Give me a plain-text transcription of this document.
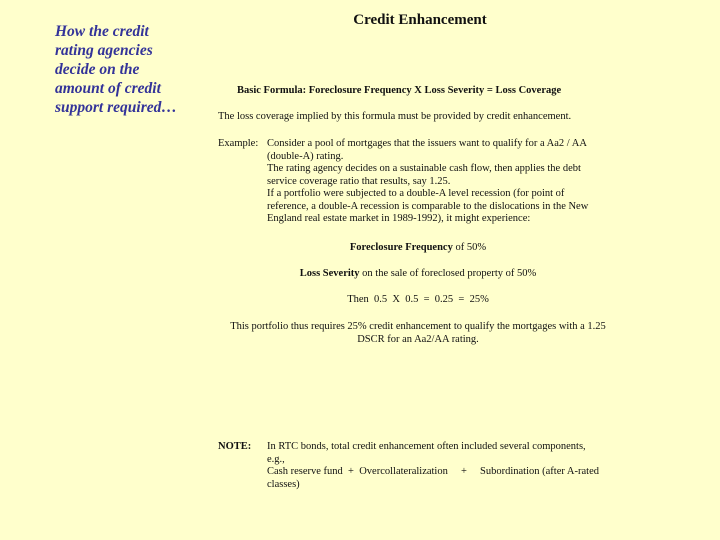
How the credit
rating agencies
decide on the
amount of credit
support required…
Credit Enhancement
Basic Formula: Foreclosure Frequency X Loss Severity = Loss Coverage
The loss coverage implied by this formula must be provided by credit enhancement.
Example: Consider a pool of mortgages that the issuers want to qualify for a Aa2 / AA

(double-A) rating.

The rating agency decides on a sustainable cash flow, then applies the debt

service coverage ratio that results, say 1.25.

If a portfolio were subjected to a double-A level recession (for point of

reference, a double-A recession is comparable to the dislocations in the New

England real estate market in 1989-1992), it might experience:

Foreclosure Frequency of 50%
Loss Severity on the sale of foreclosed property of 50%
Then  0.5  X  0.5  =  0.25  =  25%
This portfolio thus requires 25% credit enhancement to qualify the mortgages with a 1.25
DSCR for an Aa2/AA rating.
NOTE:	In RTC bonds, total credit enhancement often included several components,

e.g.,

Cash reserve fund  +  Overcollateralization     +     Subordination (after A-rated

classes)
